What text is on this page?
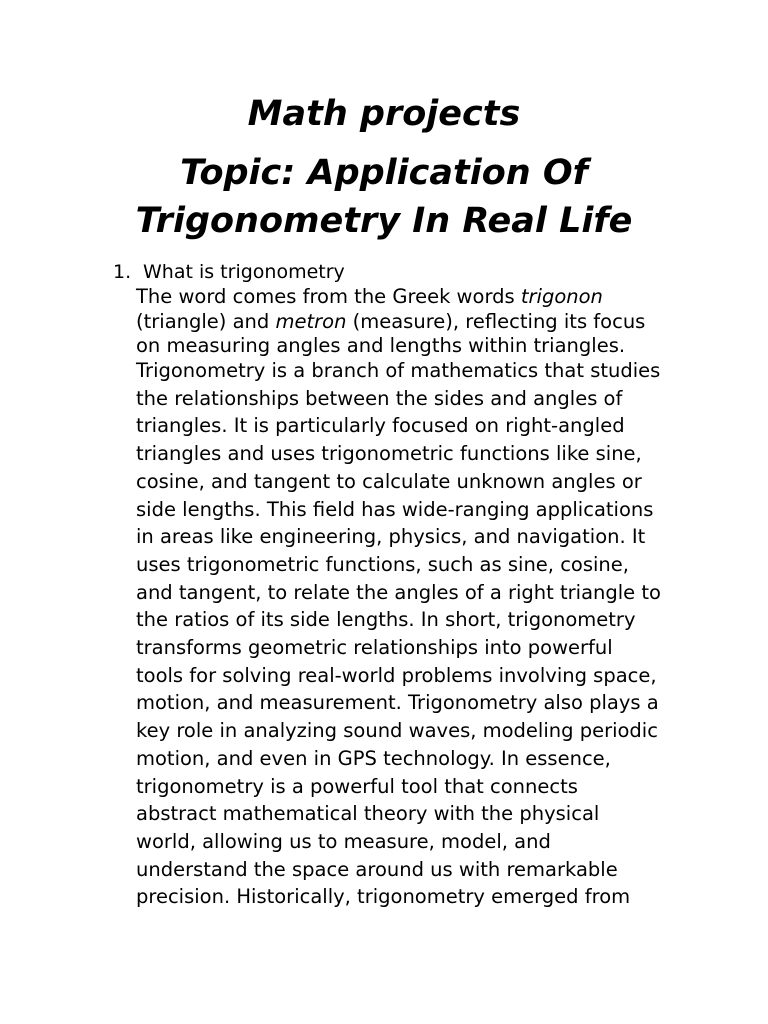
Math projects
Topic: Application Of
Trigonometry In Real Life
1. What is trigonometry

The word comes from the Greek words trigonon
(triangle) and metron (measure), reflecting its focus
on measuring angles and lengths within triangles.

Trigonometry is a branch of mathematics that studies
the relationships between the sides and angles of
triangles. It is particularly focused on right-angled
triangles and uses trigonometric functions like sine,
cosine, and tangent to calculate unknown angles or
side lengths. This field has wide-ranging applications
in areas like engineering, physics, and navigation. It
uses trigonometric functions, such as sine, cosine,
and tangent, to relate the angles of a right triangle to
the ratios of its side lengths. In short, trigonometry
transforms geometric relationships into powerful
tools for solving real-world problems involving space,
motion, and measurement. Trigonometry also plays a
key role in analyzing sound waves, modeling periodic
motion, and even in GPS technology. In essence,
trigonometry is a powerful tool that connects
abstract mathematical theory with the physical
world, allowing us to measure, model, and
understand the space around us with remarkable
precision. Historically, trigonometry emerged from
